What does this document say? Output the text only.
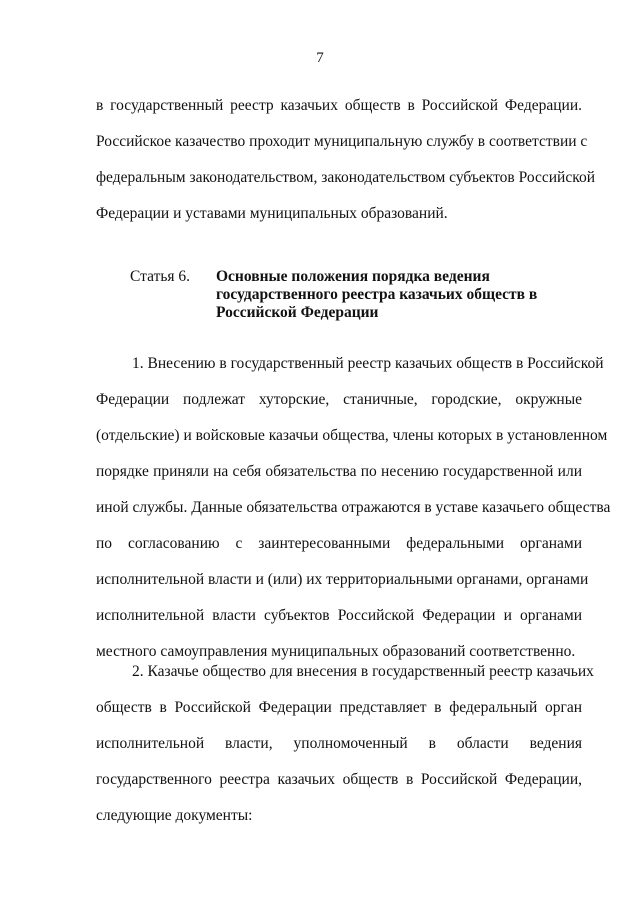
7
в государственный реестр казачьих обществ в Российской Федерации.
Российское казачество проходит муниципальную службу в соответствии с
федеральным законодательством, законодательством субъектов Российской
Федерации и уставами муниципальных образований.
Статья 6. Основные положения порядка ведения
государственного реестра казачьих обществ в
Российской Федерации
1. Внесению в государственный реестр казачьих обществ в Российской
Федерации подлежат хуторские, станичные, городские, окружные
(отдельские) и войсковые казачьи общества, члены которых в установленном
порядке приняли на себя обязательства по несению государственной или
иной службы. Данные обязательства отражаются в уставе казачьего общества
по согласованию с заинтересованными федеральными органами
исполнительной власти и (или) их территориальными органами, органами
исполнительной власти субъектов Российской Федерации и органами
местного самоуправления муниципальных образований соответственно.
2. Казачье общество для внесения в государственный реестр казачьих
обществ в Российской Федерации представляет в федеральный орган
исполнительной власти, уполномоченный в области ведения
государственного реестра казачьих обществ в Российской Федерации,
следующие документы:
